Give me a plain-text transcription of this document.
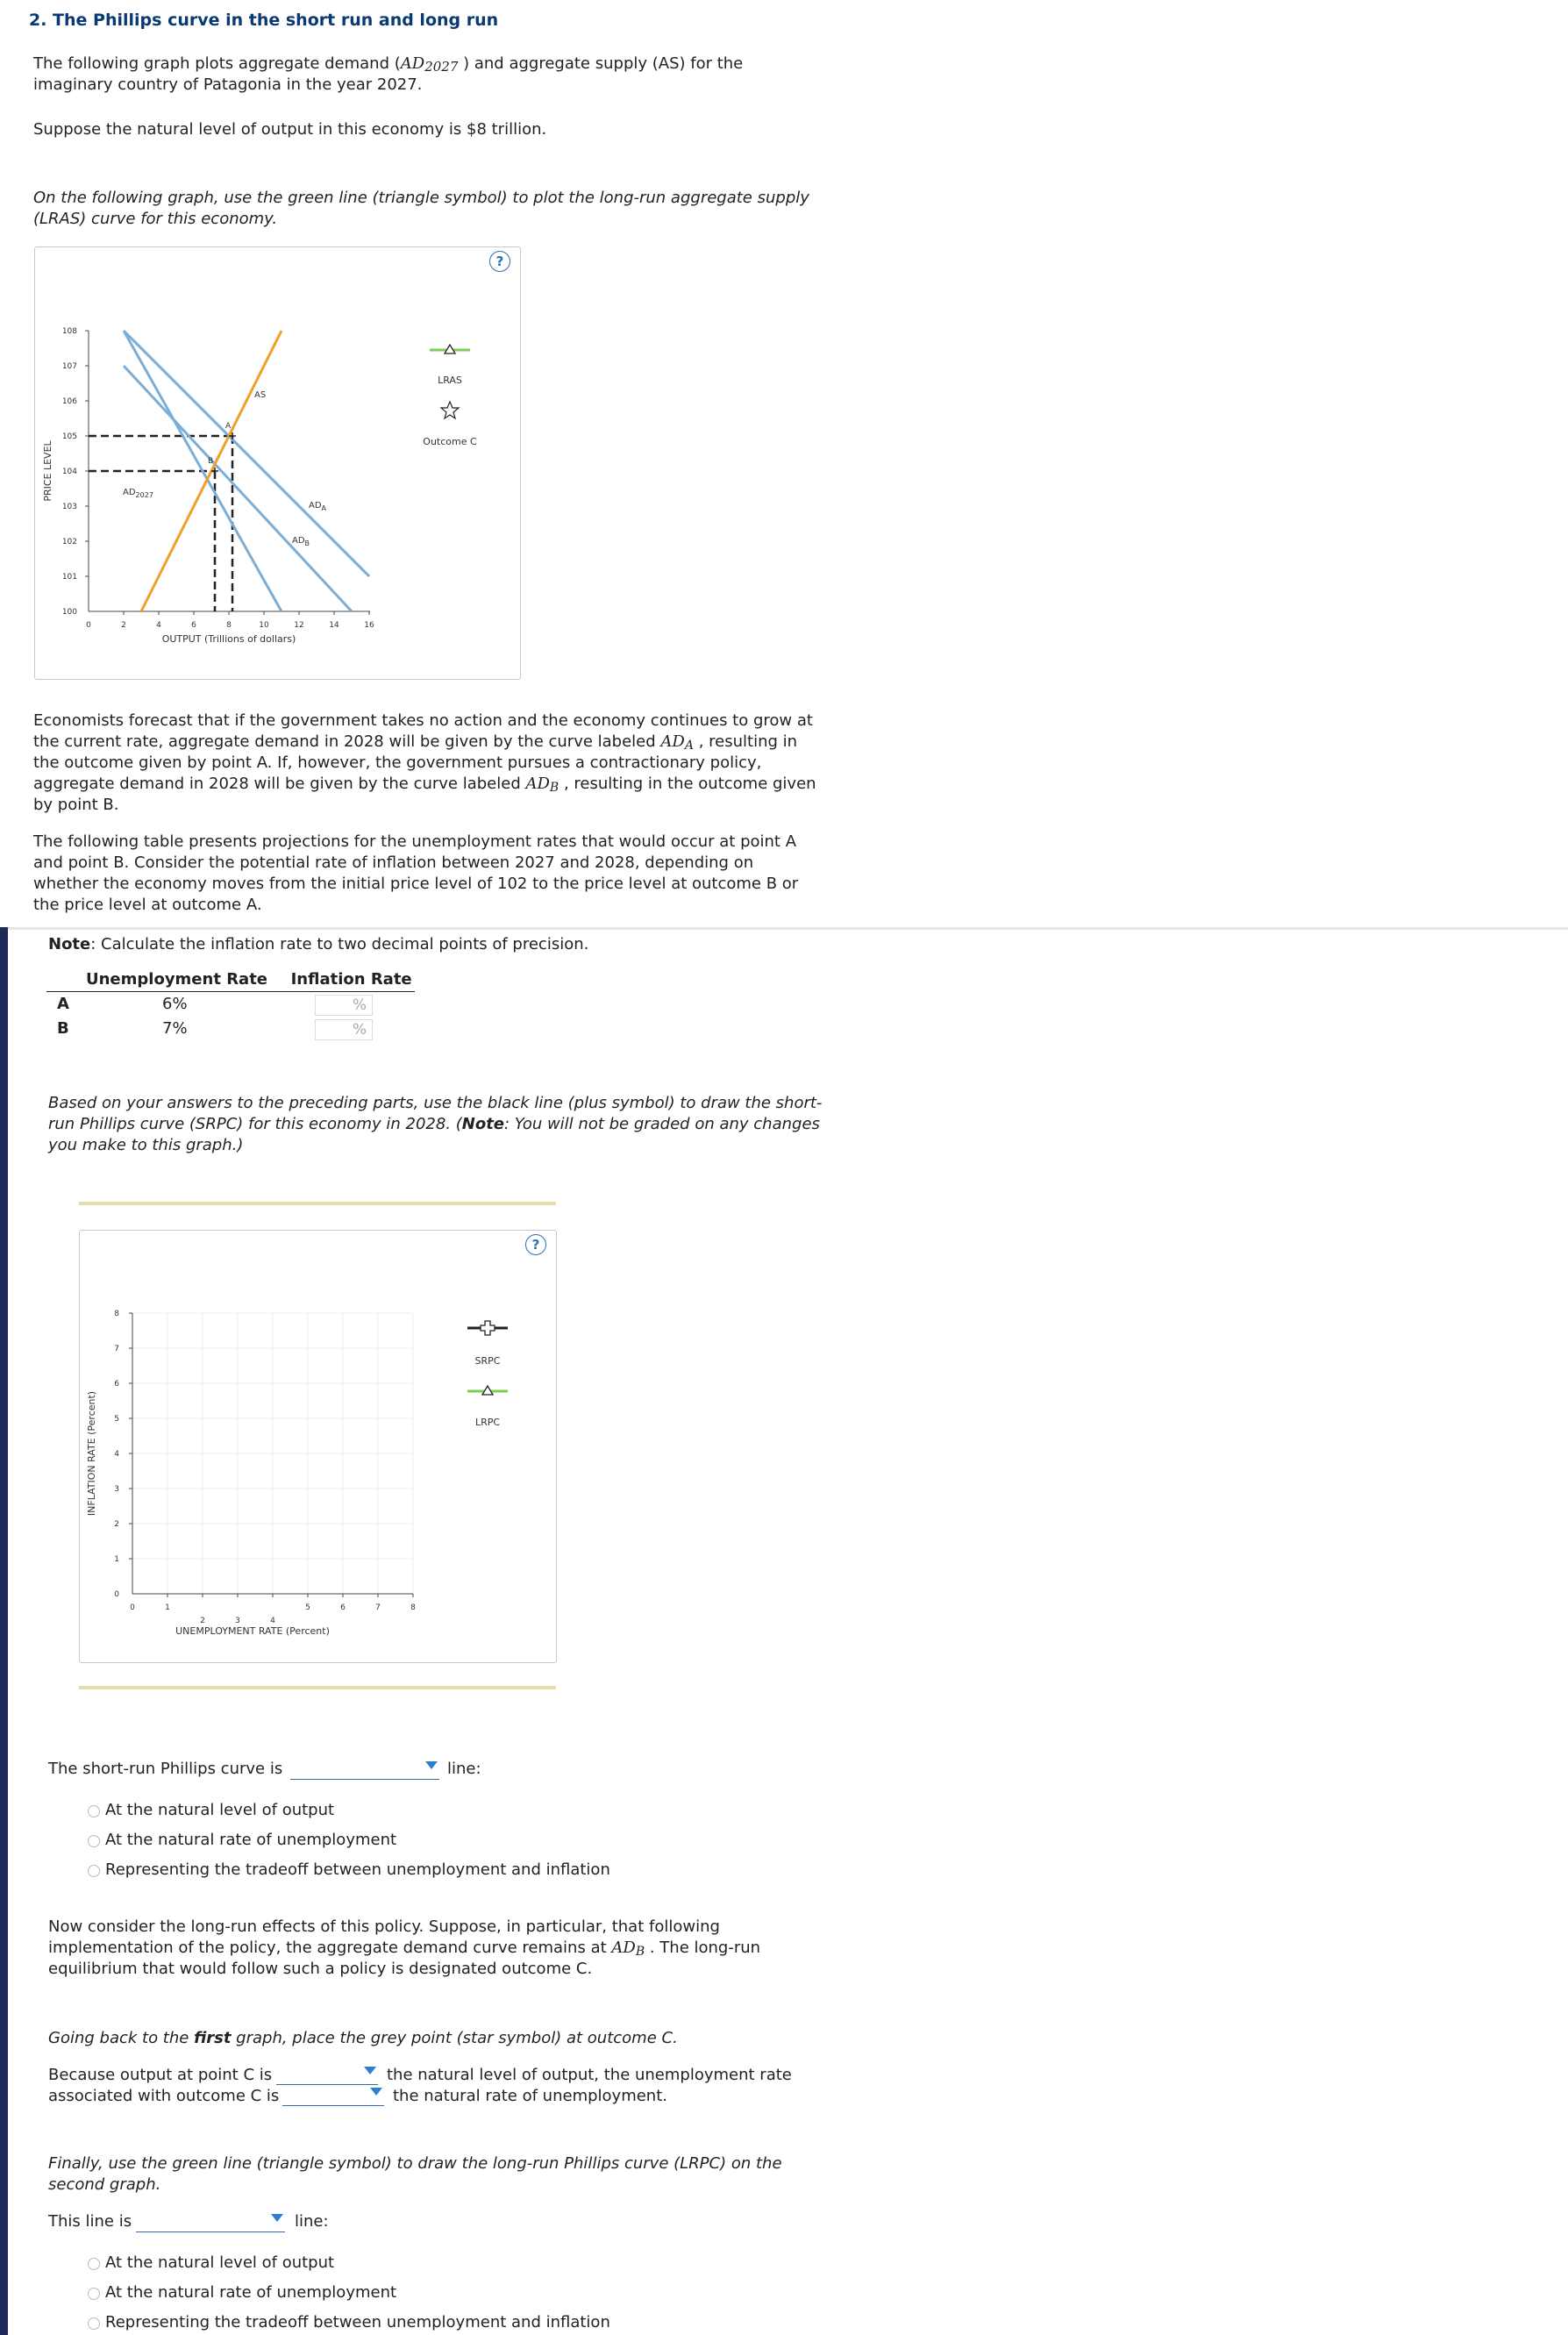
2. The Phillips curve in the short run and long run
The following graph plots aggregate demand (AD2027 ) and aggregate supply (AS) for the
imaginary country of Patagonia in the year 2027.
Suppose the natural level of output in this economy is $8 trillion.
On the following graph, use the green line (triangle symbol) to plot the long-run aggregate supply
(LRAS) curve for this economy.
?
108
107
106
105
104
103
102
101
100
0	2	4	6	8	10	12	14	16
OUTPUT (Trillions of dollars)
PRICE LEVEL
AS
A
B
$AD_{2027}$
$AD_A$
$AD_B$
LRAS
Outcome C
Economists forecast that if the government takes no action and the economy continues to grow at
the current rate, aggregate demand in 2028 will be given by the curve labeled ADA , resulting in
the outcome given by point A. If, however, the government pursues a contractionary policy,
aggregate demand in 2028 will be given by the curve labeled ADB , resulting in the outcome given
by point B.
The following table presents projections for the unemployment rates that would occur at point A
and point B. Consider the potential rate of inflation between 2027 and 2028, depending on
whether the economy moves from the initial price level of 102 to the price level at outcome B or
the price level at outcome A.
Note: Calculate the inflation rate to two decimal points of precision.
Unemployment Rate Inflation Rate
A	6%	%
B	7%	%
Based on your answers to the preceding parts, use the black line (plus symbol) to draw the short-
run Phillips curve (SRPC) for this economy in 2028. (Note: You will not be graded on any changes
you make to this graph.)
?
8
7
6
5
4
3
2
1
0
0	1
2	3	4
5	6	7	8
UNEMPLOYMENT RATE (Percent)
INFLATION RATE (Percent)
SRPC
LRPC
The short-run Phillips curve is	line:
At the natural level of output
At the natural rate of unemployment
Representing the tradeoff between unemployment and inflation
Now consider the long-run effects of this policy. Suppose, in particular, that following
implementation of the policy, the aggregate demand curve remains at ADB . The long-run
equilibrium that would follow such a policy is designated outcome C.
Going back to the first graph, place the grey point (star symbol) at outcome C.
Because output at point C is	the natural level of output, the unemployment rate
associated with outcome C is	the natural rate of unemployment.
Finally, use the green line (triangle symbol) to draw the long-run Phillips curve (LRPC) on the
second graph.
This line is	line:
At the natural level of output
At the natural rate of unemployment
Representing the tradeoff between unemployment and inflation
